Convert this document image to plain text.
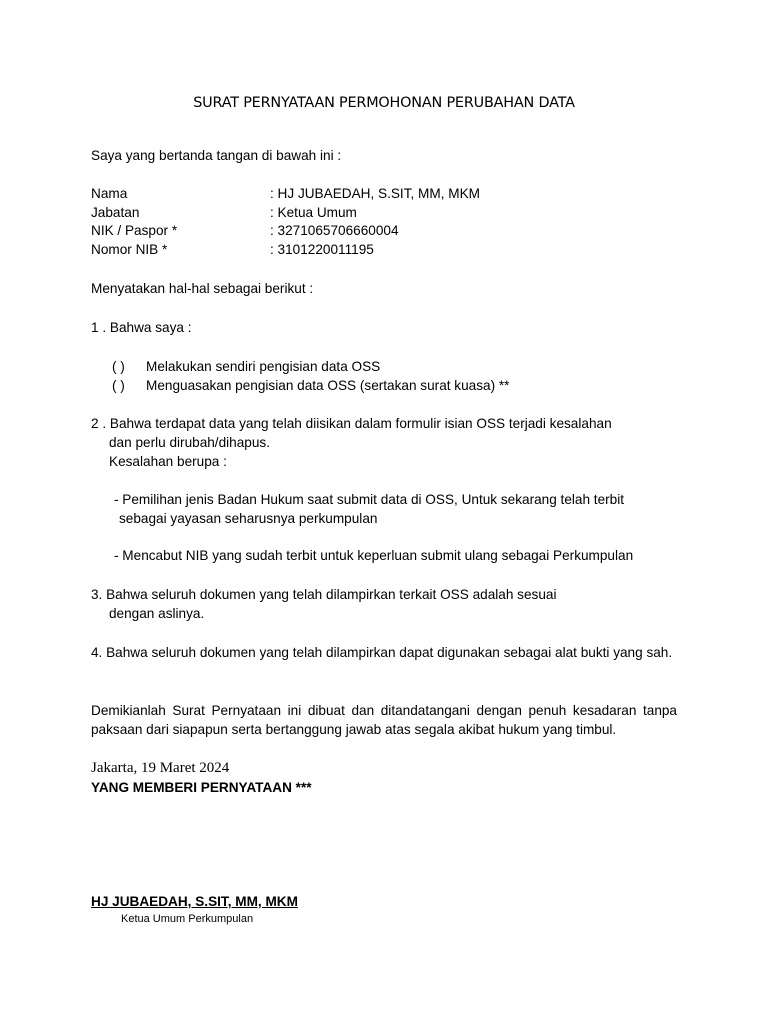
SURAT PERNYATAAN PERMOHONAN PERUBAHAN DATA
Saya yang bertanda tangan di bawah ini :
Nama	: HJ JUBAEDAH, S.SIT, MM, MKM
Jabatan	: Ketua Umum
NIK / Paspor *	: 3271065706660004
Nomor NIB *	: 3101220011195
Menyatakan hal-hal sebagai berikut :
1 . Bahwa saya :
( ) Melakukan sendiri pengisian data OSS
( ) Menguasakan pengisian data OSS (sertakan surat kuasa) **
2 . Bahwa terdapat data yang telah diisikan dalam formulir isian OSS terjadi kesalahan
dan perlu dirubah/dihapus.
Kesalahan berupa :
- Pemilihan jenis Badan Hukum saat submit data di OSS, Untuk sekarang telah terbit
sebagai yayasan seharusnya perkumpulan
- Mencabut NIB yang sudah terbit untuk keperluan submit ulang sebagai Perkumpulan
3. Bahwa seluruh dokumen yang telah dilampirkan terkait OSS adalah sesuai
dengan aslinya.
4. Bahwa seluruh dokumen yang telah dilampirkan dapat digunakan sebagai alat bukti yang sah.
Demikianlah Surat Pernyataan ini dibuat dan ditandatangani dengan penuh kesadaran tanpa paksaan dari siapapun serta bertanggung jawab atas segala akibat hukum yang timbul.
Jakarta, 19 Maret 2024
YANG MEMBERI PERNYATAAN ***
HJ JUBAEDAH, S.SIT, MM, MKM
Ketua Umum Perkumpulan
